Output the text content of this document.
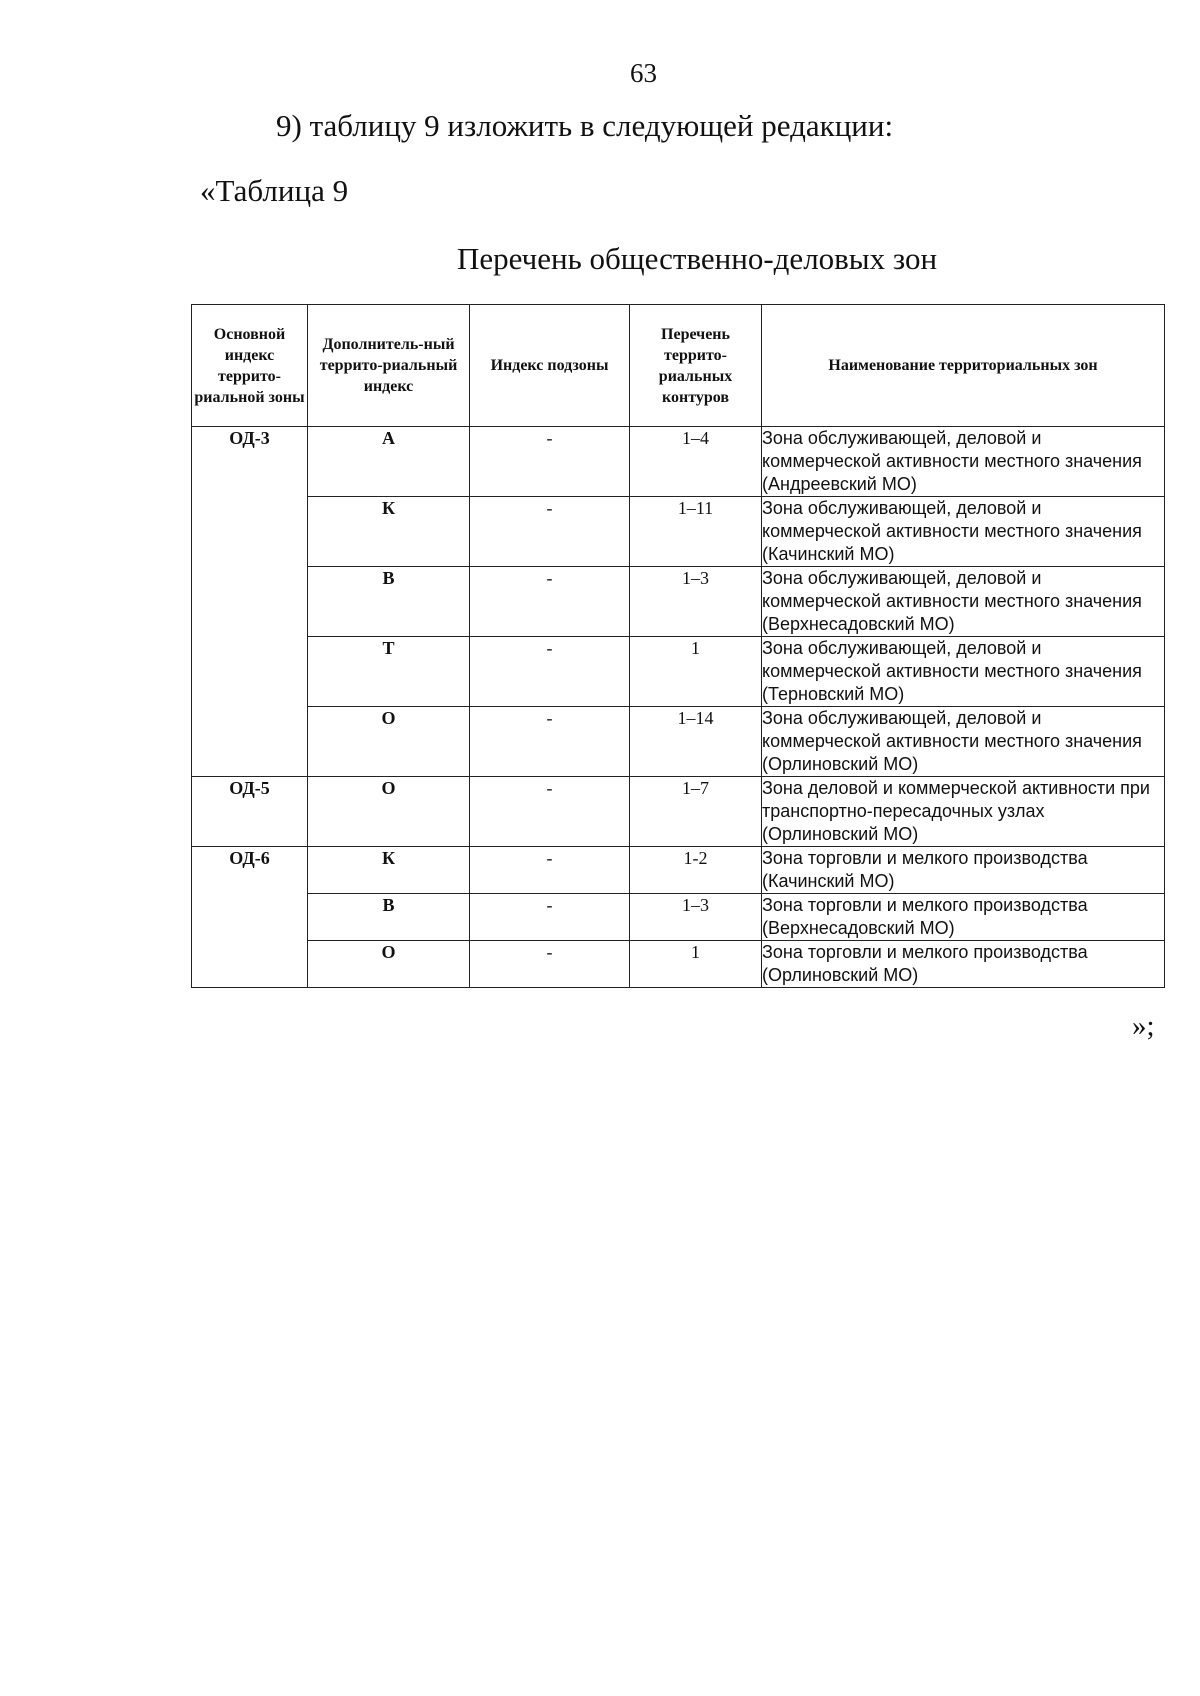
63
9) таблицу 9 изложить в следующей редакции:
«Таблица 9
Перечень общественно-деловых зон
Основной индекс террито-риальной зоны	Дополнитель-ный террито-риальный индекс	Индекс подзоны	Перечень террито-риальных контуров	Наименование территориальных зон
ОД-3	А	-	1–4	Зона обслуживающей, деловой и коммерческой активности местного значения (Андреевский МО)
	К	-	1–11	Зона обслуживающей, деловой и коммерческой активности местного значения (Качинский МО)
	В	-	1–3	Зона обслуживающей, деловой и коммерческой активности местного значения (Верхнесадовский МО)
	Т	-	1	Зона обслуживающей, деловой и коммерческой активности местного значения (Терновский МО)
	О	-	1–14	Зона обслуживающей, деловой и коммерческой активности местного значения (Орлиновский МО)
ОД-5	О	-	1–7	Зона деловой и коммерческой активности при транспортно-пересадочных узлах (Орлиновский МО)
ОД-6	К	-	1-2	Зона торговли и мелкого производства (Качинский МО)
	В	-	1–3	Зона торговли и мелкого производства (Верхнесадовский МО)
	О	-	1	Зона торговли и мелкого производства (Орлиновский МО)
»;
